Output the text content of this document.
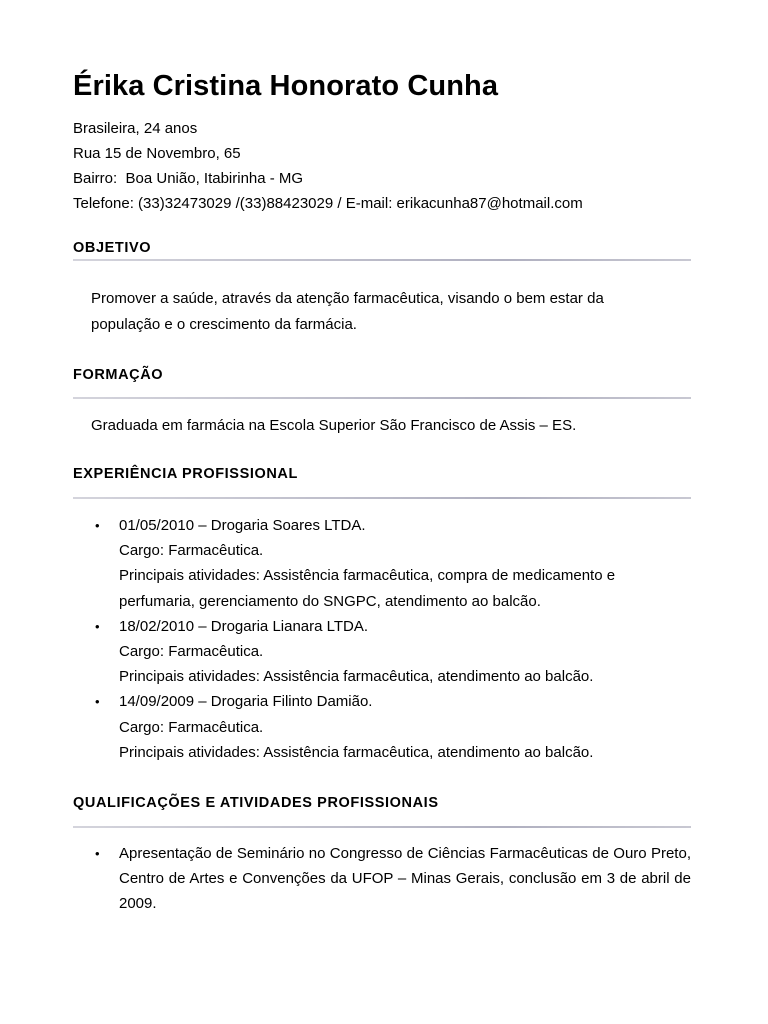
Érika Cristina Honorato Cunha
Brasileira, 24 anos
Rua 15 de Novembro, 65
Bairro:  Boa União, Itabirinha - MG
Telefone: (33)32473029 /(33)88423029 / E-mail: erikacunha87@hotmail.com
OBJETIVO
Promover a saúde, através da atenção farmacêutica, visando o bem estar da
população e o crescimento da farmácia.
FORMAÇÃO
Graduada em farmácia na Escola Superior São Francisco de Assis – ES.
EXPERIÊNCIA PROFISSIONAL
• 01/05/2010 – Drogaria Soares LTDA.
Cargo: Farmacêutica.
Principais atividades: Assistência farmacêutica, compra de medicamento e
perfumaria, gerenciamento do SNGPC, atendimento ao balcão.
• 18/02/2010 – Drogaria Lianara LTDA.
Cargo: Farmacêutica.
Principais atividades: Assistência farmacêutica, atendimento ao balcão.
• 14/09/2009 – Drogaria Filinto Damião.
Cargo: Farmacêutica.
Principais atividades: Assistência farmacêutica, atendimento ao balcão.
QUALIFICAÇÕES E ATIVIDADES PROFISSIONAIS
• Apresentação de Seminário no Congresso de Ciências Farmacêuticas de Ouro Preto, Centro de Artes e Convenções da UFOP – Minas Gerais, conclusão em 3 de abril de 2009.
